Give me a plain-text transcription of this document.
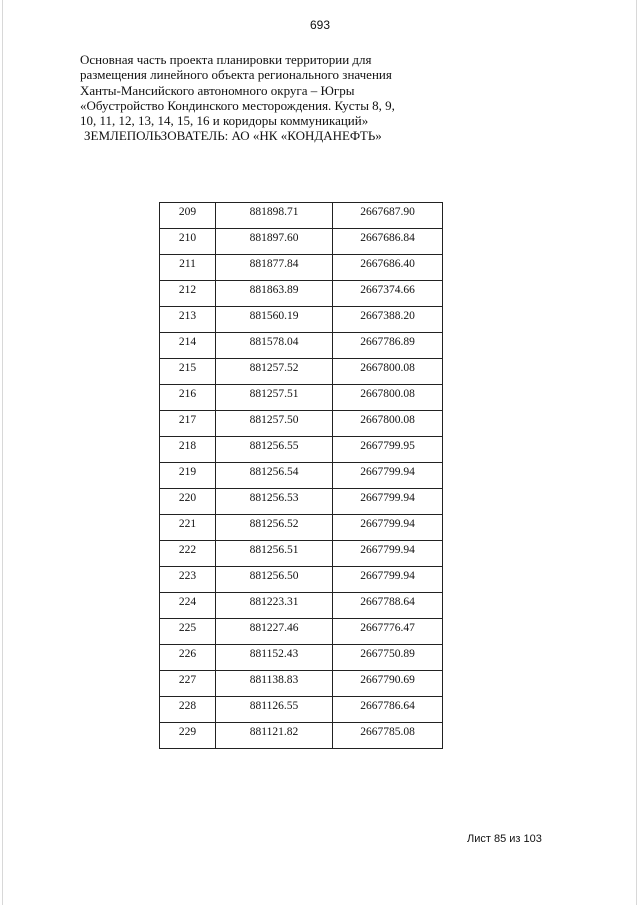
693
Основная часть проекта планировки территории для
размещения линейного объекта регионального значения
Ханты-Мансийского автономного округа – Югры
«Обустройство Кондинского месторождения. Кусты 8, 9,
10, 11, 12, 13, 14, 15, 16 и коридоры коммуникаций»
ЗЕМЛЕПОЛЬЗОВАТЕЛЬ: АО «НК «КОНДАНЕФТЬ»
209	881898.71	2667687.90
210	881897.60	2667686.84
211	881877.84	2667686.40
212	881863.89	2667374.66
213	881560.19	2667388.20
214	881578.04	2667786.89
215	881257.52	2667800.08
216	881257.51	2667800.08
217	881257.50	2667800.08
218	881256.55	2667799.95
219	881256.54	2667799.94
220	881256.53	2667799.94
221	881256.52	2667799.94
222	881256.51	2667799.94
223	881256.50	2667799.94
224	881223.31	2667788.64
225	881227.46	2667776.47
226	881152.43	2667750.89
227	881138.83	2667790.69
228	881126.55	2667786.64
229	881121.82	2667785.08
Лист 85 из 103
